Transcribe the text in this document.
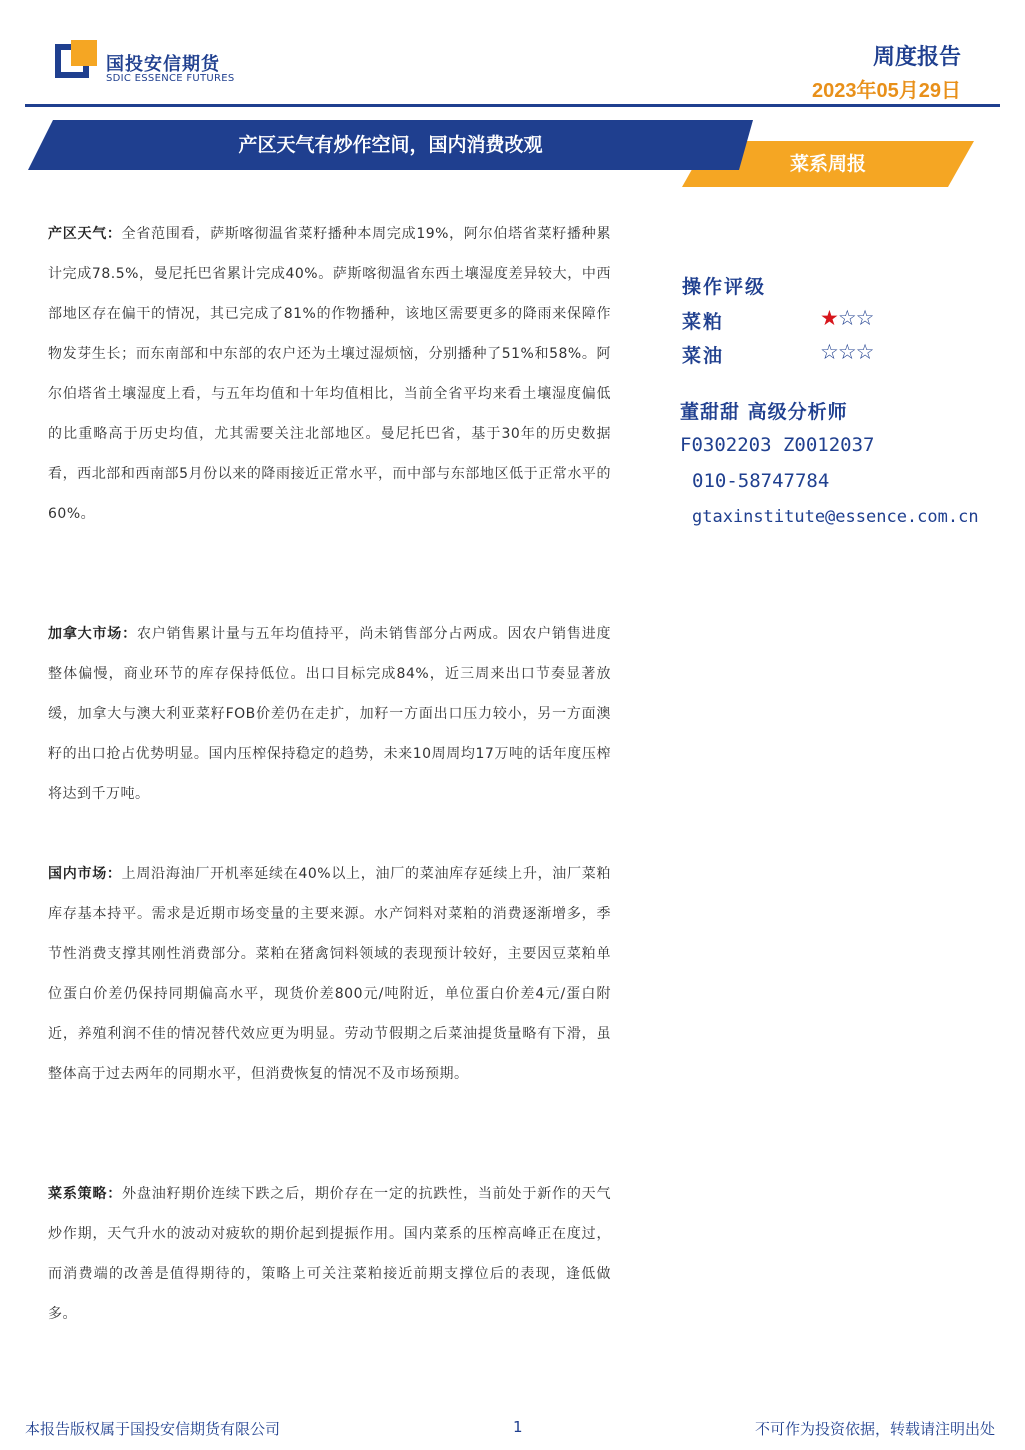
国投安信期货
SDIC ESSENCE FUTURES
周度报告
2023年05月29日
菜系周报
产区天气有炒作空间，国内消费改观

产区天气：全省范围看，萨斯喀彻温省菜籽播种本周完成19%，阿尔伯塔省菜籽播种累计完成78.5%，曼尼托巴省累计完成40%。萨斯喀彻温省东西土壤湿度差异较大，中西部地区存在偏干的情况，其已完成了81%的作物播种，该地区需要更多的降雨来保障作物发芽生长；而东南部和中东部的农户还为土壤过湿烦恼，分别播种了51%和58%。阿尔伯塔省土壤湿度上看，与五年均值和十年均值相比，当前全省平均来看土壤湿度偏低的比重略高于历史均值，尤其需要关注北部地区。曼尼托巴省，基于30年的历史数据看，西北部和西南部5月份以来的降雨接近正常水平，而中部与东部地区低于正常水平的60%。

加拿大市场：农户销售累计量与五年均值持平，尚未销售部分占两成。因农户销售进度整体偏慢，商业环节的库存保持低位。出口目标完成84%，近三周来出口节奏显著放缓，加拿大与澳大利亚菜籽FOB价差仍在走扩，加籽一方面出口压力较小，另一方面澳籽的出口抢占优势明显。国内压榨保持稳定的趋势，未来10周周均17万吨的话年度压榨将达到千万吨。

国内市场：上周沿海油厂开机率延续在40%以上，油厂的菜油库存延续上升，油厂菜粕库存基本持平。需求是近期市场变量的主要来源。水产饲料对菜粕的消费逐渐增多，季节性消费支撑其刚性消费部分。菜粕在猪禽饲料领域的表现预计较好，主要因豆菜粕单位蛋白价差仍保持同期偏高水平，现货价差800元/吨附近，单位蛋白价差4元/蛋白附近，养殖利润不佳的情况替代效应更为明显。劳动节假期之后菜油提货量略有下滑，虽整体高于过去两年的同期水平，但消费恢复的情况不及市场预期。

菜系策略：外盘油籽期价连续下跌之后，期价存在一定的抗跌性，当前处于新作的天气炒作期，天气升水的波动对疲软的期价起到提振作用。国内菜系的压榨高峰正在度过，而消费端的改善是值得期待的，策略上可关注菜粕接近前期支撑位后的表现，逢低做多。

操作评级
菜粕	★☆☆
菜油	☆☆☆
董甜甜 高级分析师
F0302203 Z0012037
010-58747784
gtaxinstitute@essence.com.cn
本报告版权属于国投安信期货有限公司	1	不可作为投资依据，转载请注明出处
